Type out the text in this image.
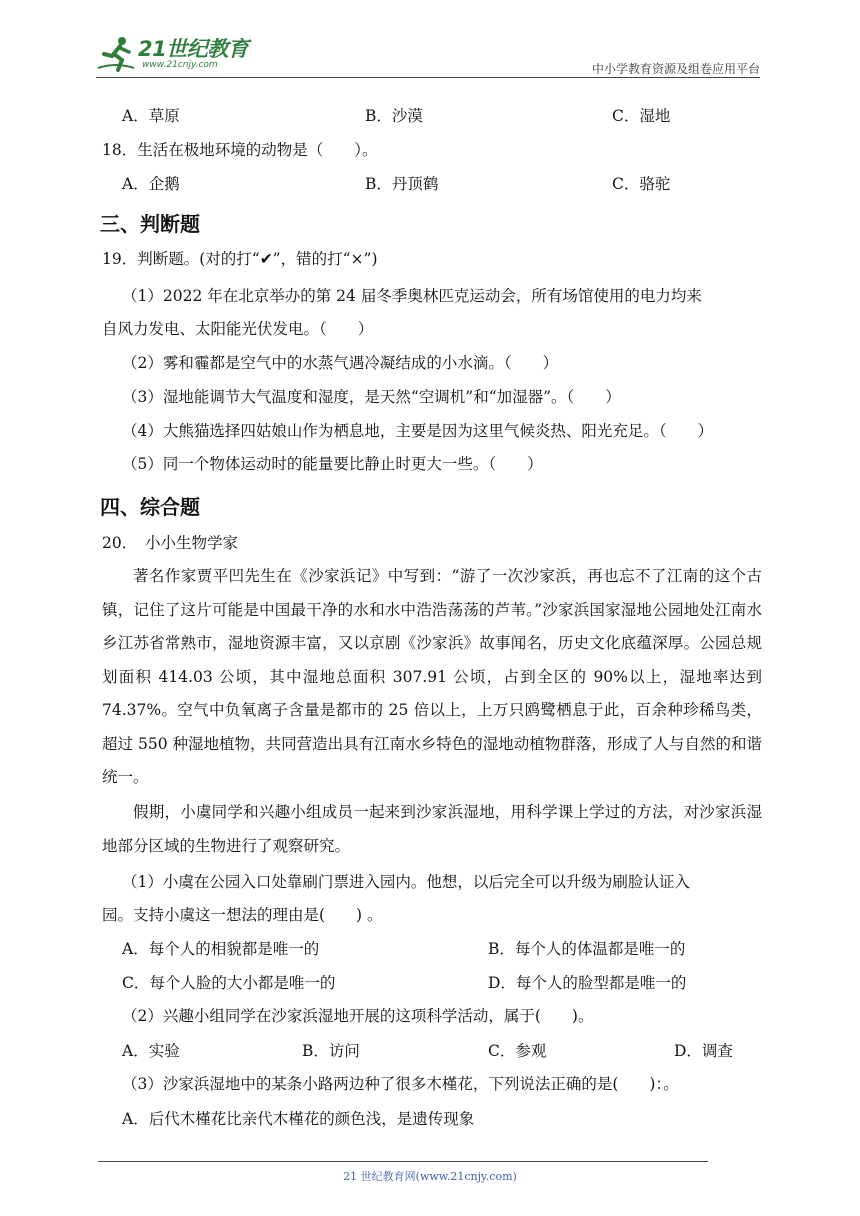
21世纪教育
www.21cnjy.com	中小学教育资源及组卷应用平台
A．草原	B．沙漠	C．湿地
18．生活在极地环境的动物是（　　）。
A．企鹅	B．丹顶鹤	C．骆驼
三、判断题
19．判断题。(对的打“✔”，错的打“×”)
（1）2022 年在北京举办的第 24 届冬季奥林匹克运动会，所有场馆使用的电力均来
自风力发电、太阳能光伏发电。（　　）
（2）雾和霾都是空气中的水蒸气遇冷凝结成的小水滴。（　　）
（3）湿地能调节大气温度和湿度，是天然“空调机”和“加湿器”。（　　）
（4）大熊猫选择四姑娘山作为栖息地，主要是因为这里气候炎热、阳光充足。（　　）
（5）同一个物体运动时的能量要比静止时更大一些。（　　）
四、综合题
20．　小小生物学家
著名作家贾平凹先生在《沙家浜记》中写到：“游了一次沙家浜，再也忘不了江南的这个古镇，记住了这片可能是中国最干净的水和水中浩浩荡荡的芦苇。”沙家浜国家湿地公园地处江南水乡江苏省常熟市，湿地资源丰富，又以京剧《沙家浜》故事闻名，历史文化底蕴深厚。公园总规划面积 414.03 公顷，其中湿地总面积 307.91 公顷，占到全区的 90%以上，湿地率达到 74.37%。空气中负氧离子含量是都市的 25 倍以上，上万只鸥鹭栖息于此，百余种珍稀鸟类，超过 550 种湿地植物，共同营造出具有江南水乡特色的湿地动植物群落，形成了人与自然的和谐统一。
假期，小虞同学和兴趣小组成员一起来到沙家浜湿地，用科学课上学过的方法，对沙家浜湿地部分区域的生物进行了观察研究。
（1）小虞在公园入口处靠刷门票进入园内。他想，以后完全可以升级为刷脸认证入
园。支持小虞这一想法的理由是(　　) 。
A．每个人的相貌都是唯一的	B．每个人的体温都是唯一的
C．每个人脸的大小都是唯一的	D．每个人的脸型都是唯一的
（2）兴趣小组同学在沙家浜湿地开展的这项科学活动，属于(　　)。
A．实验	B．访问	C．参观	D．调查
（3）沙家浜湿地中的某条小路两边种了很多木槿花，下列说法正确的是(　　)：。
A．后代木槿花比亲代木槿花的颜色浅，是遗传现象
21 世纪教育网(www.21cnjy.com)
